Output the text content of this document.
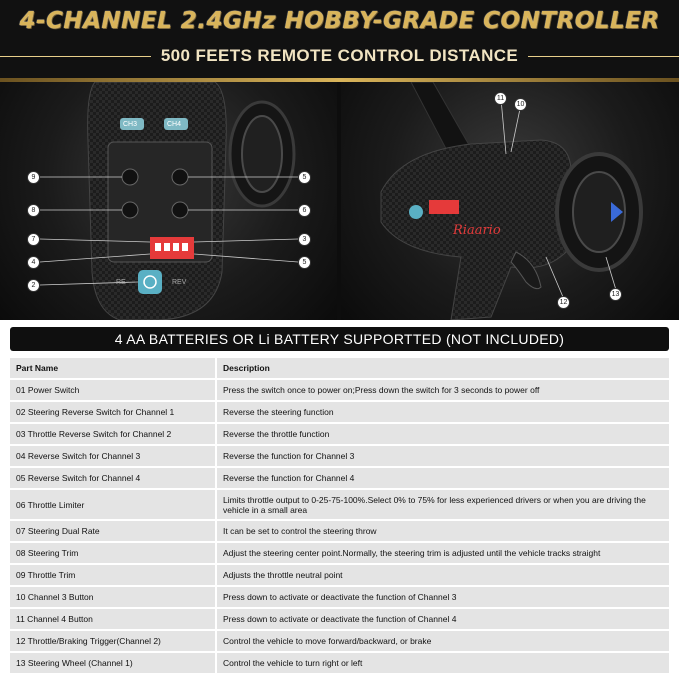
4-CHANNEL 2.4GHz HOBBY-GRADE CONTROLLER
500 FEETS REMOTE CONTROL DISTANCE
CH3	CH4
RE	REV
9
8
7
4
2
5
6
3
5
Riaario
11
10
12
13
4 AA BATTERIES OR Li BATTERY SUPPORTTED (NOT INCLUDED)
Part Name	Description
01 Power Switch	Press the switch once to power on;Press down the switch for 3 seconds to power off
02 Steering Reverse Switch for Channel 1	Reverse the steering function
03 Throttle Reverse Switch for Channel 2	Reverse the throttle function
04 Reverse Switch for Channel 3	Reverse the function for Channel 3
05 Reverse Switch for Channel 4	Reverse the function for Channel 4
06 Throttle Limiter	Limits throttle output to 0-25-75-100%.Select 0% to 75% for less experienced drivers or when you are driving the vehicle in a small area
07 Steering Dual Rate	It can be set to control the steering throw
08 Steering Trim	Adjust the steering center point.Normally, the steering trim is adjusted until the vehicle tracks straight
09 Throttle Trim	Adjusts the throttle neutral point
10 Channel 3 Button	Press down to activate or deactivate the function of Channel 3
11 Channel 4 Button	Press down to activate or deactivate the function of Channel 4
12 Throttle/Braking Trigger(Channel 2)	Control the vehicle to move forward/backward, or brake
13 Steering Wheel (Channel 1)	Control the vehicle to turn right or left
